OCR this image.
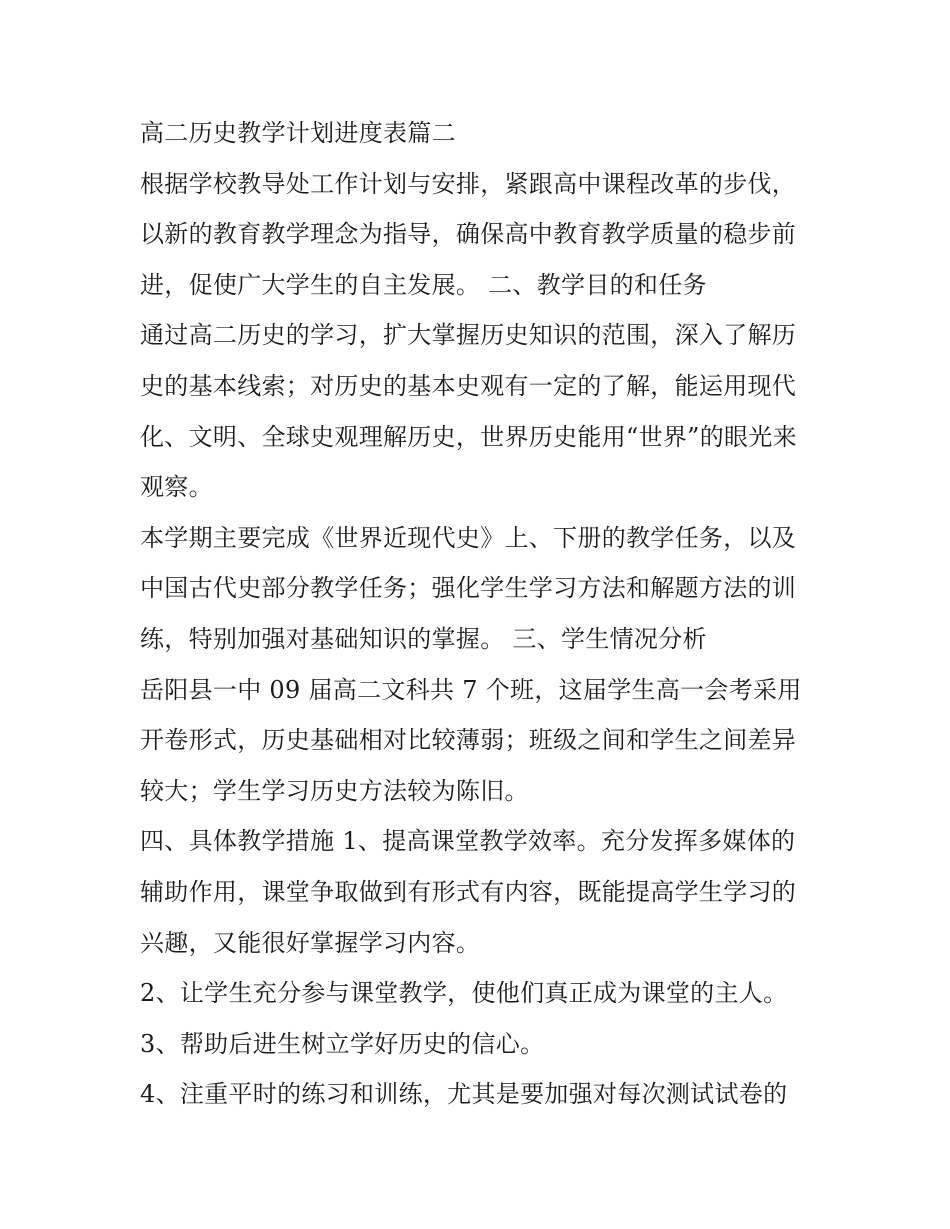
高二历史教学计划进度表篇二
根据学校教导处工作计划与安排，紧跟高中课程改革的步伐，
以新的教育教学理念为指导，确保高中教育教学质量的稳步前
进，促使广大学生的自主发展。 二、教学目的和任务
通过高二历史的学习，扩大掌握历史知识的范围，深入了解历
史的基本线索；对历史的基本史观有一定的了解，能运用现代
化、文明、全球史观理解历史，世界历史能用“世界”的眼光来
观察。
本学期主要完成《世界近现代史》上、下册的教学任务，以及
中国古代史部分教学任务；强化学生学习方法和解题方法的训
练，特别加强对基础知识的掌握。 三、学生情况分析
岳阳县一中 09 届高二文科共 7 个班，这届学生高一会考采用
开卷形式，历史基础相对比较薄弱；班级之间和学生之间差异
较大；学生学习历史方法较为陈旧。
四、具体教学措施 1、提高课堂教学效率。充分发挥多媒体的
辅助作用，课堂争取做到有形式有内容，既能提高学生学习的
兴趣，又能很好掌握学习内容。
2、让学生充分参与课堂教学，使他们真正成为课堂的主人。
3、帮助后进生树立学好历史的信心。
4、注重平时的练习和训练，尤其是要加强对每次测试试卷的
